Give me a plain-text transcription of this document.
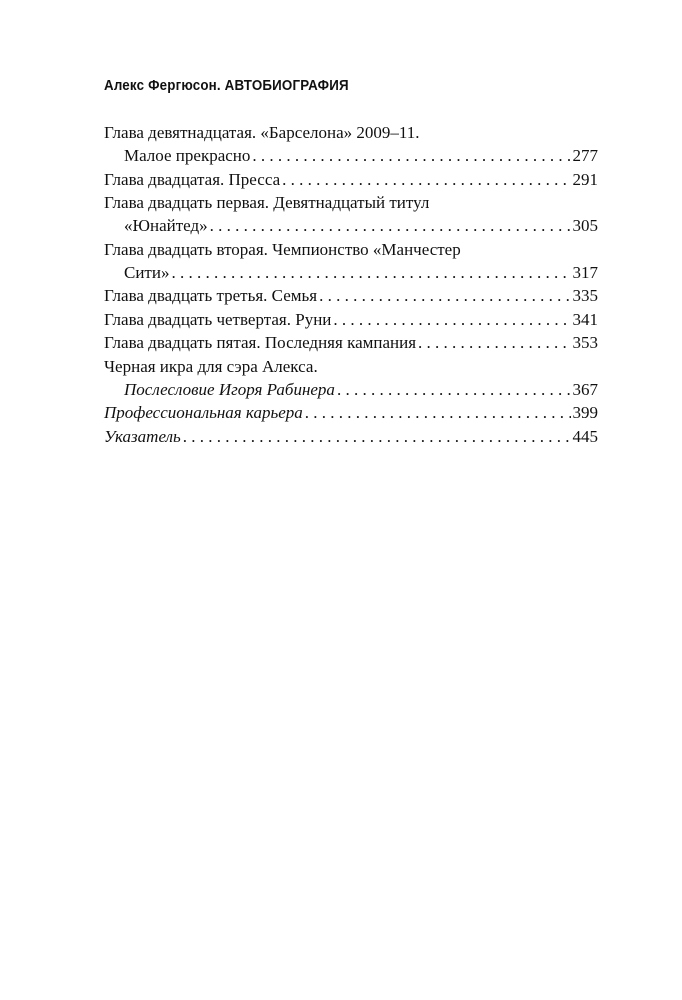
Алекс Фергюсон. АВТОБИОГРАФИЯ
Глава девятнадцатая. «Барселона» 2009–11.
Малое прекрасно . . .	277
Глава двадцатая. Пресса . . .	291
Глава двадцать первая. Девятнадцатый титул
«Юнайтед» . . .	305
Глава двадцать вторая. Чемпионство «Манчестер
Сити» . . .	317
Глава двадцать третья. Семья . . .	335
Глава двадцать четвертая. Руни . . .	341
Глава двадцать пятая. Последняя кампания . . .	353
Черная икра для сэра Алекса.
Послесловие Игоря Рабинера . . .	367
Профессиональная карьера . . .	399
Указатель . . .	445
